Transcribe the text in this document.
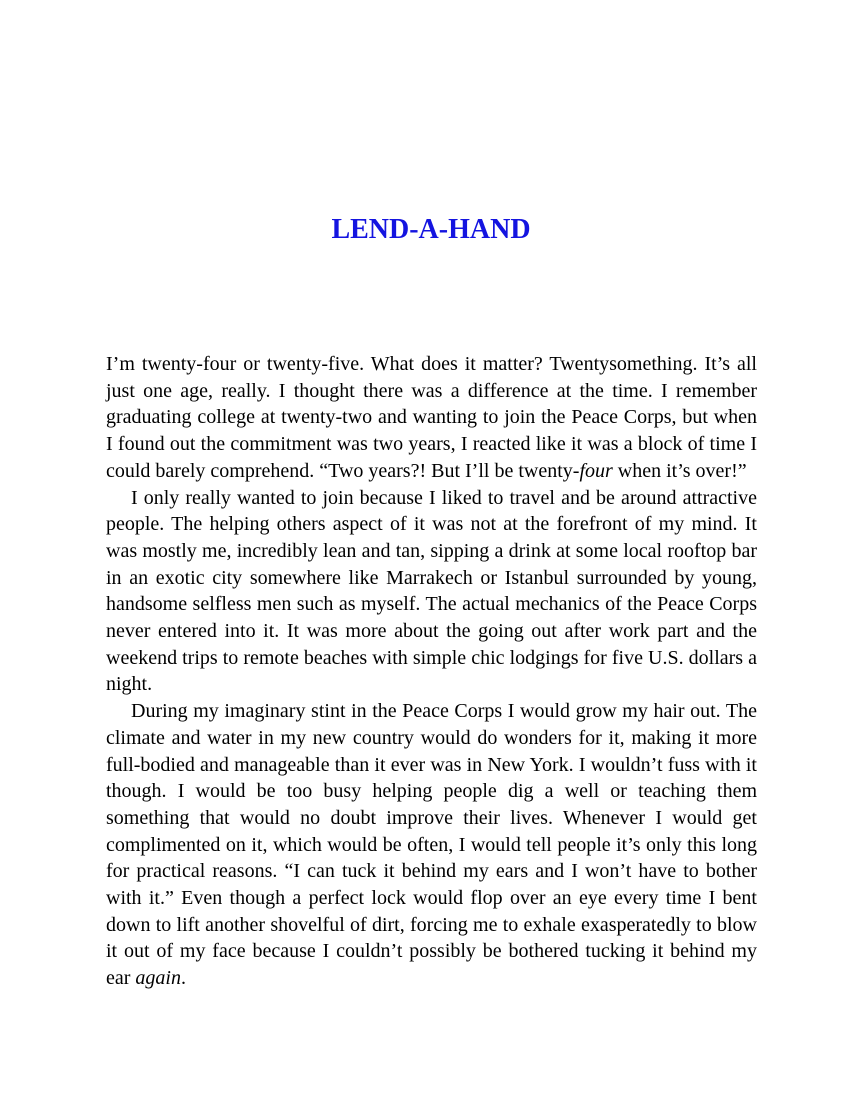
LEND-A-HAND

I’m twenty-four or twenty-five. What does it matter? Twentysomething. It’s all just one age, really. I thought there was a difference at the time. I remember graduating college at twenty-two and wanting to join the Peace Corps, but when I found out the commitment was two years, I reacted like it was a block of time I could barely comprehend. “Two years?! But I’ll be twenty-four when it’s over!”

I only really wanted to join because I liked to travel and be around attractive people. The helping others aspect of it was not at the forefront of my mind. It was mostly me, incredibly lean and tan, sipping a drink at some local rooftop bar in an exotic city somewhere like Marrakech or Istanbul surrounded by young, handsome selfless men such as myself. The actual mechanics of the Peace Corps never entered into it. It was more about the going out after work part and the weekend trips to remote beaches with simple chic lodgings for five U.S. dollars a night.

During my imaginary stint in the Peace Corps I would grow my hair out. The climate and water in my new country would do wonders for it, making it more full-bodied and manageable than it ever was in New York. I wouldn’t fuss with it though. I would be too busy helping people dig a well or teaching them something that would no doubt improve their lives. Whenever I would get complimented on it, which would be often, I would tell people it’s only this long for practical reasons. “I can tuck it behind my ears and I won’t have to bother with it.” Even though a perfect lock would flop over an eye every time I bent down to lift another shovelful of dirt, forcing me to exhale exasperatedly to blow it out of my face because I couldn’t possibly be bothered tucking it behind my ear again.
